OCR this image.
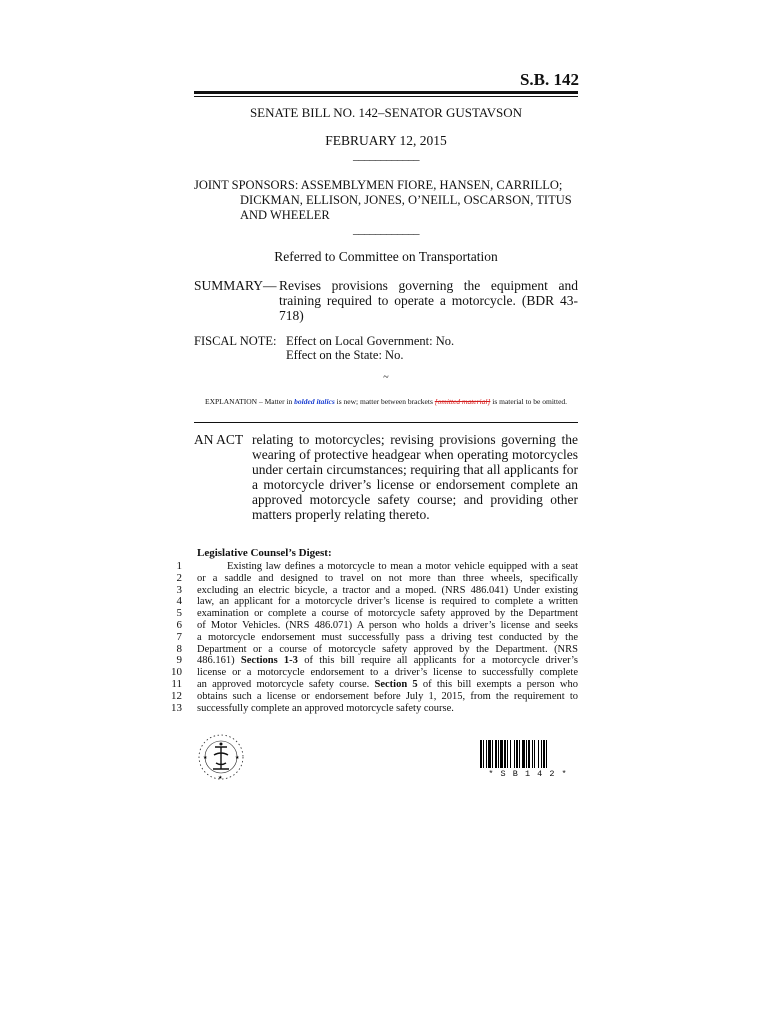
S.B. 142
SENATE BILL NO. 142–SENATOR GUSTAVSON
FEBRUARY 12, 2015
____________
JOINT SPONSORS: ASSEMBLYMEN FIORE, HANSEN, CARRILLO;
DICKMAN, ELLISON, JONES, O’NEILL, OSCARSON, TITUS
AND WHEELER
____________
Referred to Committee on Transportation
SUMMARY— Revises provisions governing the equipment and training required to operate a motorcycle. (BDR 43-718)
FISCAL NOTE: Effect on Local Government: No.
Effect on the State: No.
~
EXPLANATION – Matter in bolded italics is new; matter between brackets [omitted material] is material to be omitted.
AN ACT relating to motorcycles; revising provisions governing the wearing of protective headgear when operating motorcycles under certain circumstances; requiring that all applicants for a motorcycle driver’s license or endorsement complete an approved motorcycle safety course; and providing other matters properly relating thereto.
Legislative Counsel’s Digest:
1
2
3
4
5
6
7
8
9
10
11
12
13
Existing law defines a motorcycle to mean a motor vehicle equipped with a seat
or a saddle and designed to travel on not more than three wheels, specifically
excluding an electric bicycle, a tractor and a moped. (NRS 486.041) Under existing
law, an applicant for a motorcycle driver’s license is required to complete a written
examination or complete a course of motorcycle safety approved by the Department
of Motor Vehicles. (NRS 486.071) A person who holds a driver’s license and seeks
a motorcycle endorsement must successfully pass a driving test conducted by the
Department or a course of motorcycle safety approved by the Department. (NRS
486.161) Sections 1-3 of this bill require all applicants for a motorcycle driver’s
license or a motorcycle endorsement to a driver’s license to successfully complete
an approved motorcycle safety course. Section 5 of this bill exempts a person who
obtains such a license or endorsement before July 1, 2015, from the requirement to
successfully complete an approved motorcycle safety course.
★	★
★	* S B 1 4 2 *
